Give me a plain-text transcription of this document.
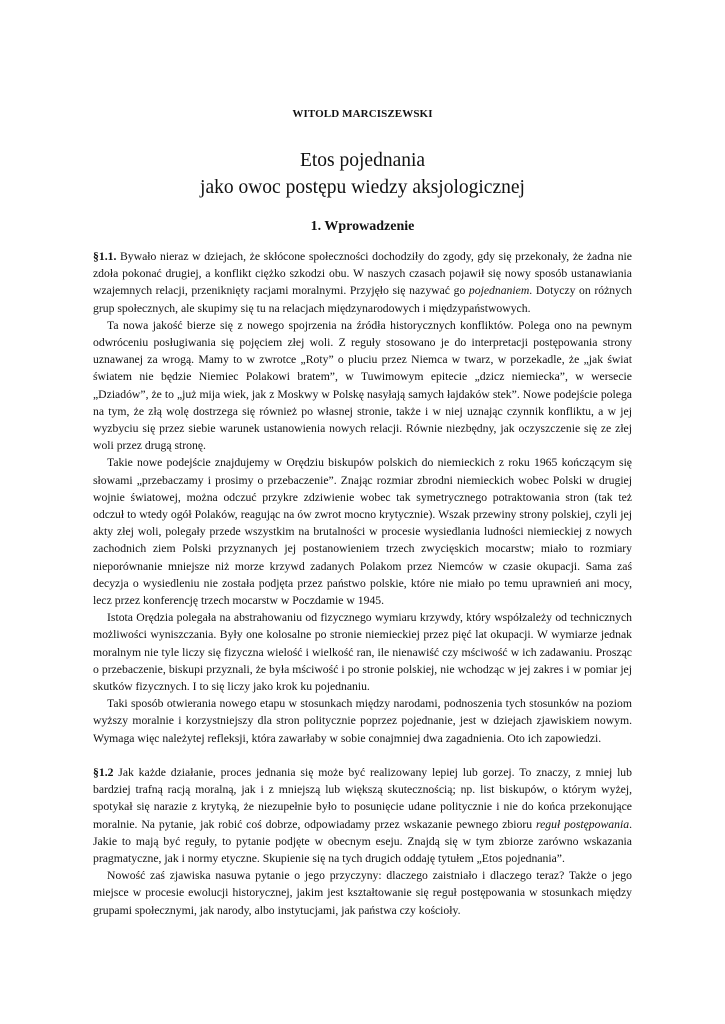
WITOLD MARCISZEWSKI
Etos pojednania
jako owoc postępu wiedzy aksjologicznej
1. Wprowadzenie

§1.1. Bywało nieraz w dziejach, że skłócone społeczności dochodziły do zgody, gdy się przekonały, że żadna nie zdoła pokonać drugiej, a konflikt ciężko szkodzi obu. W naszych czasach pojawił się nowy sposób ustanawiania wzajemnych relacji, przeniknięty racjami moralnymi. Przyjęło się nazywać go pojednaniem. Dotyczy on różnych grup społecznych, ale skupimy się tu na relacjach międzynarodowych i międzypaństwowych.

Ta nowa jakość bierze się z nowego spojrzenia na źródła historycznych konfliktów. Polega ono na pewnym odwróceniu posługiwania się pojęciem złej woli. Z reguły stosowano je do interpretacji postępowania strony uznawanej za wrogą. Mamy to w zwrotce „Roty” o pluciu przez Niemca w twarz, w porzekadle, że „jak świat światem nie będzie Niemiec Polakowi bratem”, w Tuwimowym epitecie „dzicz niemiecka”, w wersecie „Dziadów”, że to „już mija wiek, jak z Moskwy w Polskę nasyłają samych łajdaków stek”. Nowe podejście polega na tym, że złą wolę dostrzega się również po własnej stronie, także i w niej uznając czynnik konfliktu, a w jej wyzbyciu się przez siebie warunek ustanowienia nowych relacji. Równie niezbędny, jak oczyszczenie się ze złej woli przez drugą stronę.

Takie nowe podejście znajdujemy w Orędziu biskupów polskich do niemieckich z roku 1965 kończącym się słowami „przebaczamy i prosimy o przebaczenie”. Znając rozmiar zbrodni niemieckich wobec Polski w drugiej wojnie światowej, można odczuć przykre zdziwienie wobec tak symetrycznego potraktowania stron (tak też odczuł to wtedy ogół Polaków, reagując na ów zwrot mocno krytycznie). Wszak przewiny strony polskiej, czyli jej akty złej woli, polegały przede wszystkim na brutalności w procesie wysiedlania ludności niemieckiej z nowych zachodnich ziem Polski przyznanych jej postanowieniem trzech zwycięskich mocarstw; miało to rozmiary nieporównanie mniejsze niż morze krzywd zadanych Polakom przez Niemców w czasie okupacji. Sama zaś decyzja o wysiedleniu nie została podjęta przez państwo polskie, które nie miało po temu uprawnień ani mocy, lecz przez konferencję trzech mocarstw w Poczdamie w 1945.

Istota Orędzia polegała na abstrahowaniu od fizycznego wymiaru krzywdy, który współzależy od technicznych możliwości wyniszczania. Były one kolosalne po stronie niemieckiej przez pięć lat okupacji. W wymiarze jednak moralnym nie tyle liczy się fizyczna wielość i wielkość ran, ile nienawiść czy mściwość w ich zadawaniu. Prosząc o przebaczenie, biskupi przyznali, że była mściwość i po stronie polskiej, nie wchodząc w jej zakres i w pomiar jej skutków fizycznych. I to się liczy jako krok ku pojednaniu.

Taki sposób otwierania nowego etapu w stosunkach między narodami, podnoszenia tych stosunków na poziom wyższy moralnie i korzystniejszy dla stron politycznie poprzez pojednanie, jest w dziejach zjawiskiem nowym. Wymaga więc należytej refleksji, która zawarłaby w sobie conajmniej dwa zagadnienia. Oto ich zapowiedzi.

§1.2 Jak każde działanie, proces jednania się może być realizowany lepiej lub gorzej. To znaczy, z mniej lub bardziej trafną racją moralną, jak i z mniejszą lub większą skutecznością; np. list biskupów, o którym wyżej, spotykał się narazie z krytyką, że niezupełnie było to posunięcie udane politycznie i nie do końca przekonujące moralnie. Na pytanie, jak robić coś dobrze, odpowiadamy przez wskazanie pewnego zbioru reguł postępowania. Jakie to mają być reguły, to pytanie podjęte w obecnym eseju. Znajdą się w tym zbiorze zarówno wskazania pragmatyczne, jak i normy etyczne. Skupienie się na tych drugich oddaję tytułem „Etos pojednania”.

Nowość zaś zjawiska nasuwa pytanie o jego przyczyny: dlaczego zaistniało i dlaczego teraz? Także o jego miejsce w procesie ewolucji historycznej, jakim jest kształtowanie się reguł postępowania w stosunkach między grupami społecznymi, jak narody, albo instytucjami, jak państwa czy kościoły.
